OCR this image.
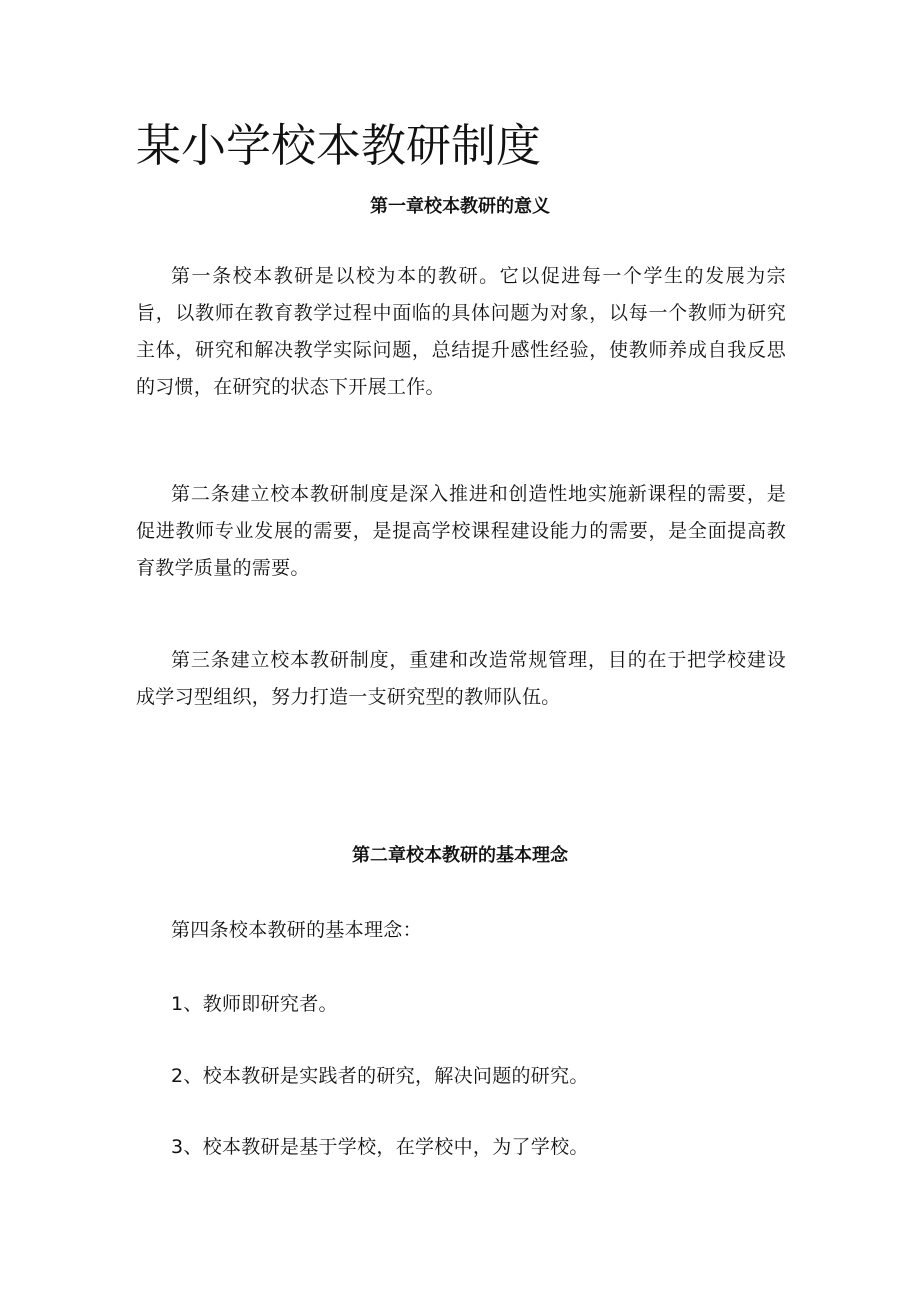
某小学校本教研制度
第一章校本教研的意义

第一条校本教研是以校为本的教研。它以促进每一个学生的发展为宗旨，以教师在教育教学过程中面临的具体问题为对象，以每一个教师为研究主体，研究和解决教学实际问题，总结提升感性经验，使教师养成自我反思的习惯，在研究的状态下开展工作。

第二条建立校本教研制度是深入推进和创造性地实施新课程的需要，是促进教师专业发展的需要，是提高学校课程建设能力的需要，是全面提高教育教学质量的需要。

第三条建立校本教研制度，重建和改造常规管理，目的在于把学校建设成学习型组织，努力打造一支研究型的教师队伍。

第二章校本教研的基本理念

第四条校本教研的基本理念：

1、教师即研究者。

2、校本教研是实践者的研究，解决问题的研究。

3、校本教研是基于学校，在学校中，为了学校。
